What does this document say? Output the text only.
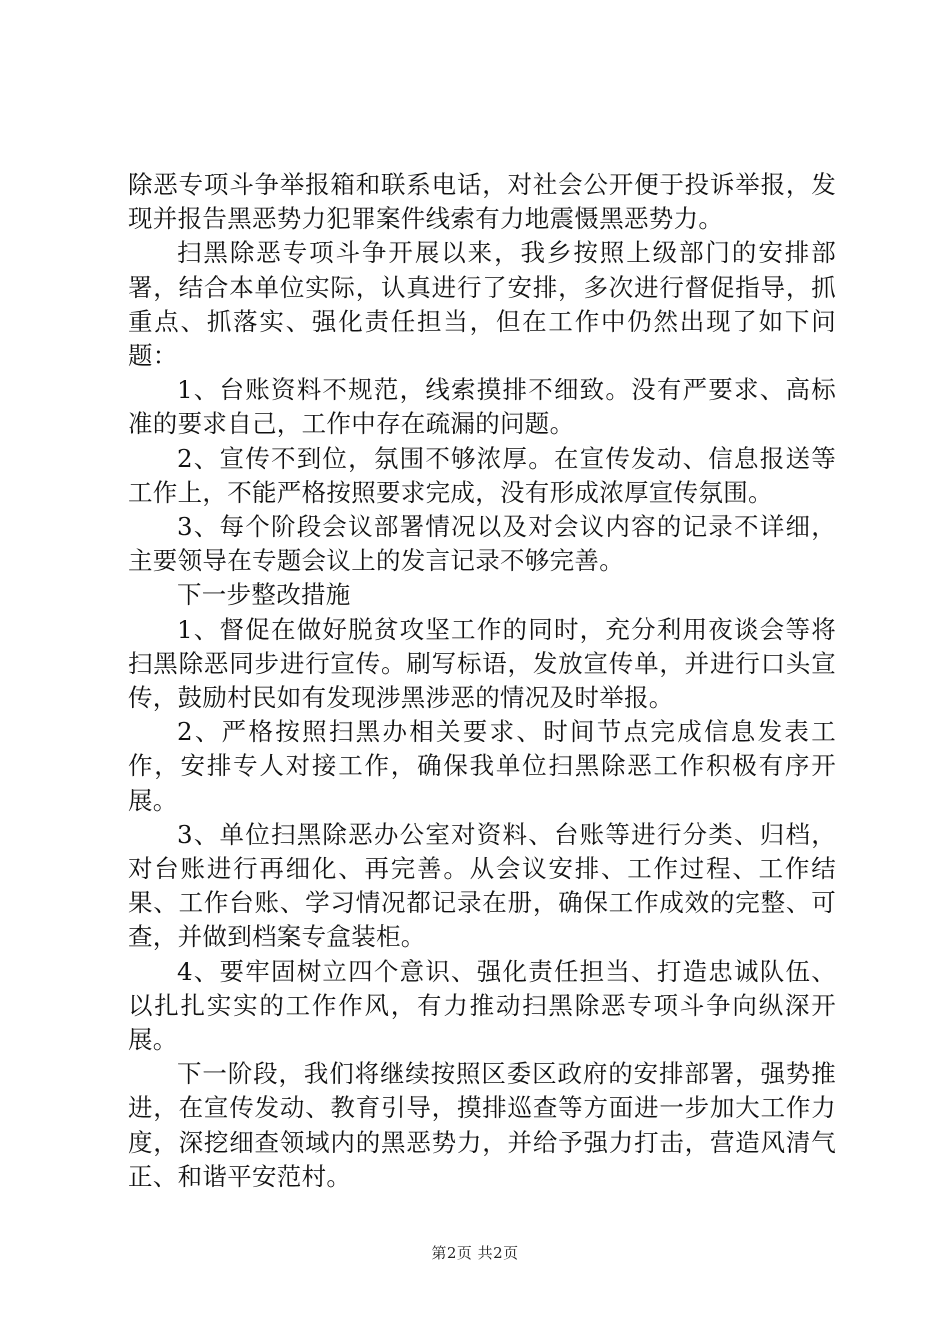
除恶专项斗争举报箱和联系电话，对社会公开便于投诉举报，发现并报告黑恶势力犯罪案件线索有力地震慑黑恶势力。

扫黑除恶专项斗争开展以来，我乡按照上级部门的安排部署，结合本单位实际，认真进行了安排，多次进行督促指导，抓重点、抓落实、强化责任担当，但在工作中仍然出现了如下问题：

1、台账资料不规范，线索摸排不细致。没有严要求、高标准的要求自己，工作中存在疏漏的问题。

2、宣传不到位，氛围不够浓厚。在宣传发动、信息报送等工作上，不能严格按照要求完成，没有形成浓厚宣传氛围。

3、每个阶段会议部署情况以及对会议内容的记录不详细，主要领导在专题会议上的发言记录不够完善。

下一步整改措施

1、督促在做好脱贫攻坚工作的同时，充分利用夜谈会等将扫黑除恶同步进行宣传。刷写标语，发放宣传单，并进行口头宣传，鼓励村民如有发现涉黑涉恶的情况及时举报。

2、严格按照扫黑办相关要求、时间节点完成信息发表工作，安排专人对接工作，确保我单位扫黑除恶工作积极有序开展。

3、单位扫黑除恶办公室对资料、台账等进行分类、归档，对台账进行再细化、再完善。从会议安排、工作过程、工作结果、工作台账、学习情况都记录在册，确保工作成效的完整、可查，并做到档案专盒装柜。

4、要牢固树立四个意识、强化责任担当、打造忠诚队伍、以扎扎实实的工作作风，有力推动扫黑除恶专项斗争向纵深开展。

下一阶段，我们将继续按照区委区政府的安排部署，强势推进，在宣传发动、教育引导，摸排巡查等方面进一步加大工作力度，深挖细查领域内的黑恶势力，并给予强力打击，营造风清气正、和谐平安范村。

第2页 共2页
